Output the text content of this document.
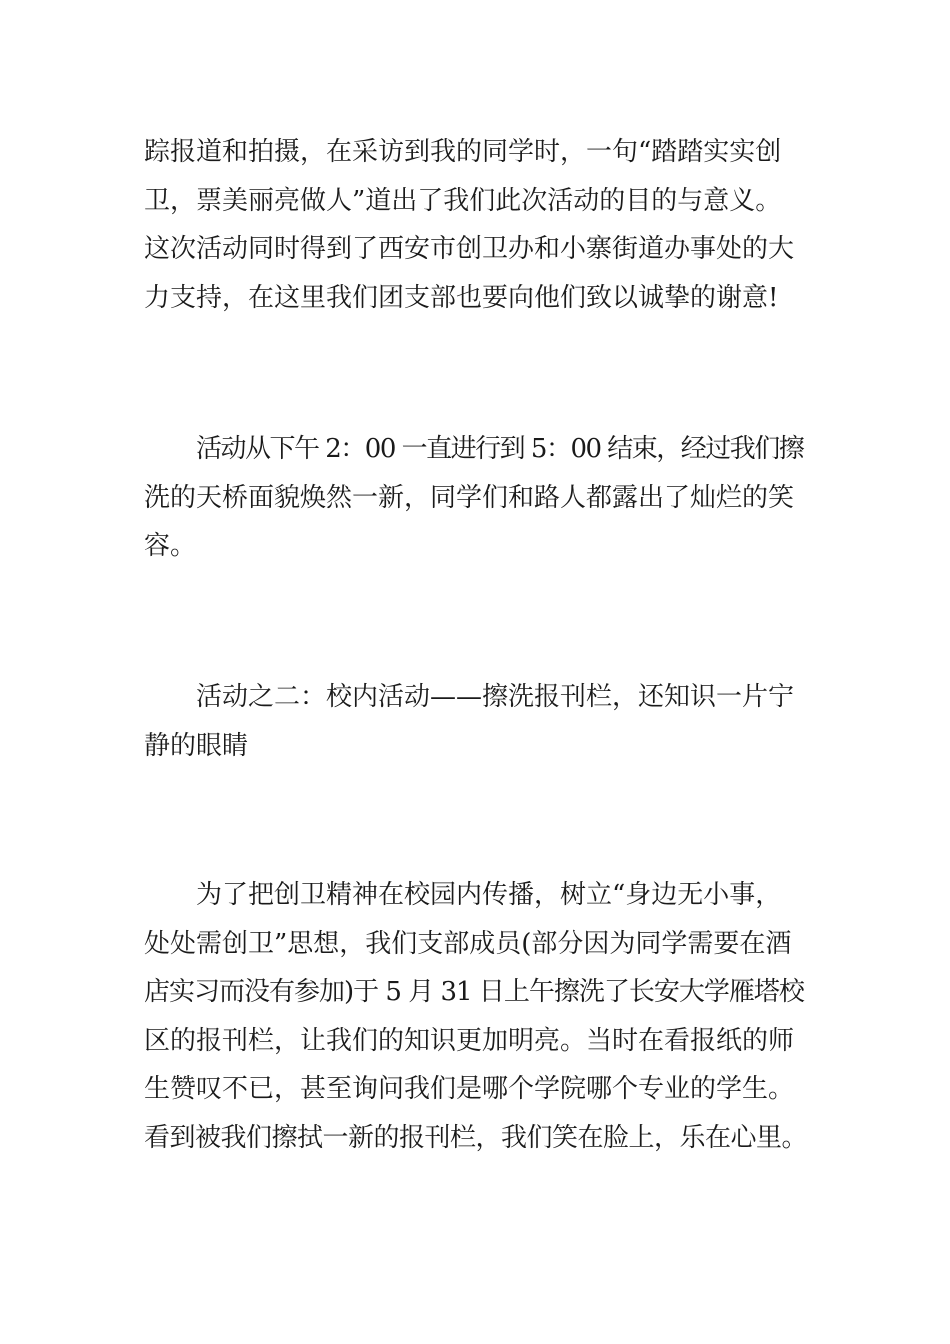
踪报道和拍摄，在采访到我的同学时，一句“踏踏实实创
卫，票美丽亮做人”道出了我们此次活动的目的与意义。
这次活动同时得到了西安市创卫办和小寨街道办事处的大
力支持，在这里我们团支部也要向他们致以诚挚的谢意!
活动从下午 2：00 一直进行到 5：00 结束，经过我们擦
洗的天桥面貌焕然一新，同学们和路人都露出了灿烂的笑
容。
活动之二：校内活动——擦洗报刊栏，还知识一片宁
静的眼睛
为了把创卫精神在校园内传播，树立“身边无小事，
处处需创卫”思想，我们支部成员(部分因为同学需要在酒
店实习而没有参加)于 5 月 31 日上午擦洗了长安大学雁塔校
区的报刊栏，让我们的知识更加明亮。当时在看报纸的师
生赞叹不已，甚至询问我们是哪个学院哪个专业的学生。
看到被我们擦拭一新的报刊栏，我们笑在脸上，乐在心里。
